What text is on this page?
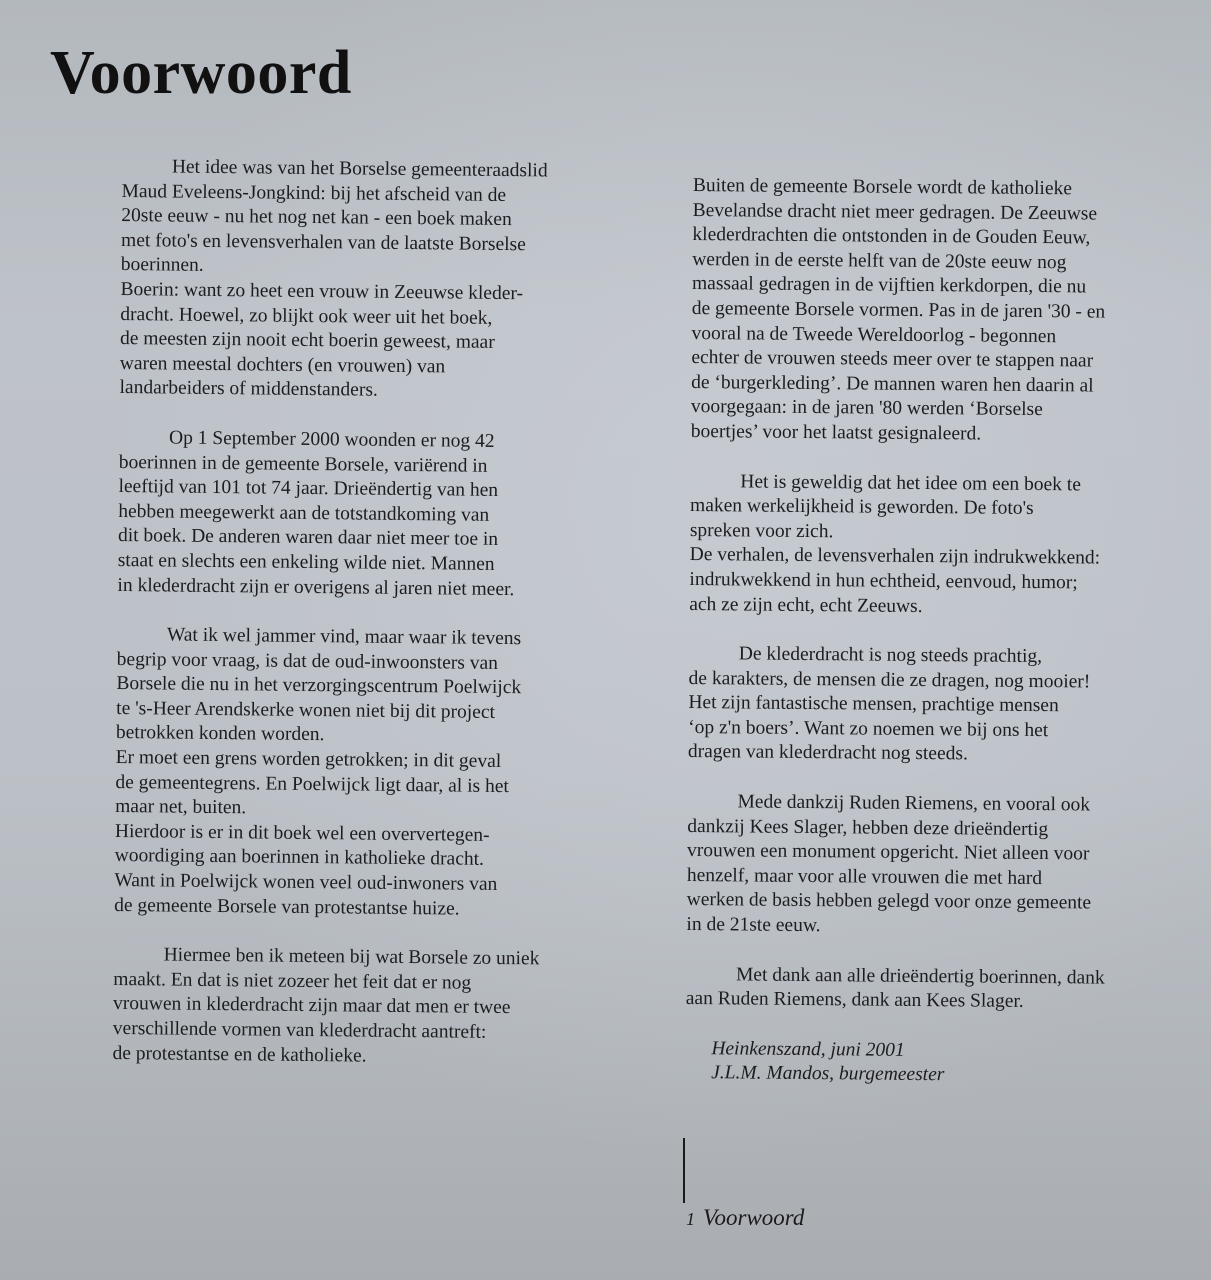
Voorwoord
Het idee was van het Borselse gemeenteraadslid
Maud Eveleens-Jongkind: bij het afscheid van de
20ste eeuw - nu het nog net kan - een boek maken
met foto's en levensverhalen van de laatste Borselse
boerinnen.
Boerin: want zo heet een vrouw in Zeeuwse kleder-
dracht. Hoewel, zo blijkt ook weer uit het boek,
de meesten zijn nooit echt boerin geweest, maar
waren meestal dochters (en vrouwen) van
landarbeiders of middenstanders.
Op 1 September 2000 woonden er nog 42
boerinnen in de gemeente Borsele, variërend in
leeftijd van 101 tot 74 jaar. Drieëndertig van hen
hebben meegewerkt aan de totstandkoming van
dit boek. De anderen waren daar niet meer toe in
staat en slechts een enkeling wilde niet. Mannen
in klederdracht zijn er overigens al jaren niet meer.
Wat ik wel jammer vind, maar waar ik tevens
begrip voor vraag, is dat de oud-inwoonsters van
Borsele die nu in het verzorgingscentrum Poelwijck
te 's-Heer Arendskerke wonen niet bij dit project
betrokken konden worden.
Er moet een grens worden getrokken; in dit geval
de gemeentegrens. En Poelwijck ligt daar, al is het
maar net, buiten.
Hierdoor is er in dit boek wel een oververtegen-
woordiging aan boerinnen in katholieke dracht.
Want in Poelwijck wonen veel oud-inwoners van
de gemeente Borsele van protestantse huize.
Hiermee ben ik meteen bij wat Borsele zo uniek
maakt. En dat is niet zozeer het feit dat er nog
vrouwen in klederdracht zijn maar dat men er twee
verschillende vormen van klederdracht aantreft:
de protestantse en de katholieke.
Buiten de gemeente Borsele wordt de katholieke
Bevelandse dracht niet meer gedragen. De Zeeuwse
klederdrachten die ontstonden in de Gouden Eeuw,
werden in de eerste helft van de 20ste eeuw nog
massaal gedragen in de vijftien kerkdorpen, die nu
de gemeente Borsele vormen. Pas in de jaren '30 - en
vooral na de Tweede Wereldoorlog - begonnen
echter de vrouwen steeds meer over te stappen naar
de ‘burgerkleding’. De mannen waren hen daarin al
voorgegaan: in de jaren '80 werden ‘Borselse
boertjes’ voor het laatst gesignaleerd.
Het is geweldig dat het idee om een boek te
maken werkelijkheid is geworden. De foto's
spreken voor zich.
De verhalen, de levensverhalen zijn indrukwekkend:
indrukwekkend in hun echtheid, eenvoud, humor;
ach ze zijn echt, echt Zeeuws.
De klederdracht is nog steeds prachtig,
de karakters, de mensen die ze dragen, nog mooier!
Het zijn fantastische mensen, prachtige mensen
‘op z'n boers’. Want zo noemen we bij ons het
dragen van klederdracht nog steeds.
Mede dankzij Ruden Riemens, en vooral ook
dankzij Kees Slager, hebben deze drieëndertig
vrouwen een monument opgericht. Niet alleen voor
henzelf, maar voor alle vrouwen die met hard
werken de basis hebben gelegd voor onze gemeente
in de 21ste eeuw.
Met dank aan alle drieëndertig boerinnen, dank
aan Ruden Riemens, dank aan Kees Slager.
Heinkenszand, juni 2001
J.L.M. Mandos, burgemeester
1 Voorwoord
